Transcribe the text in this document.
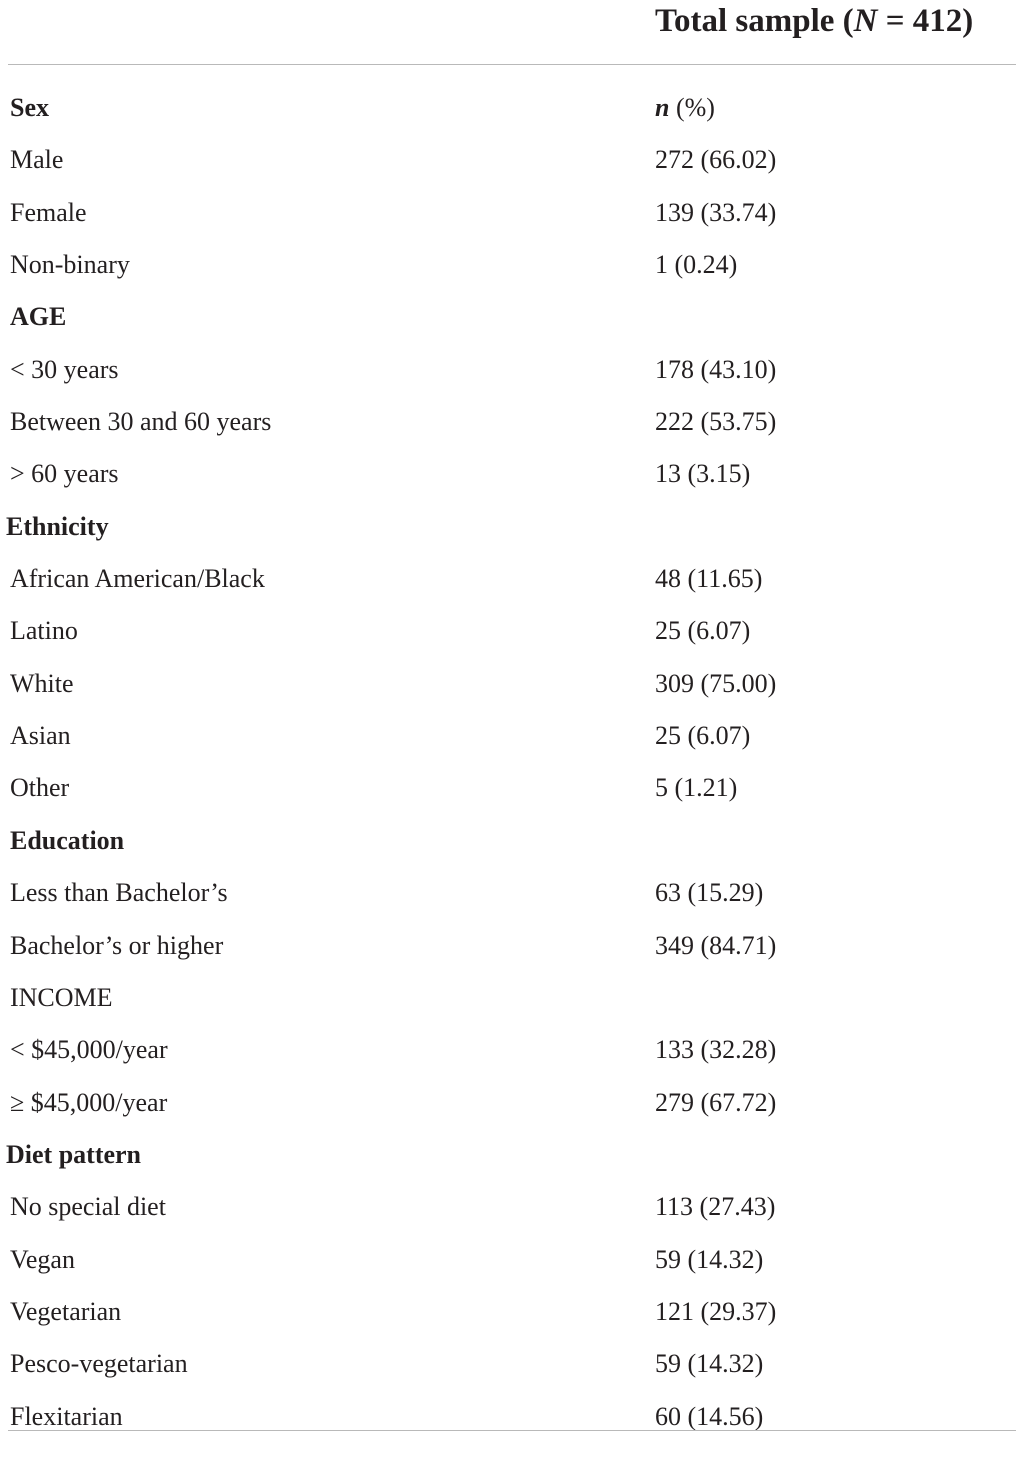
Total sample (N = 412)
Sex	n (%)
Male	272 (66.02)
Female	139 (33.74)
Non-binary	1 (0.24)
AGE
< 30 years	178 (43.10)
Between 30 and 60 years	222 (53.75)
> 60 years	13 (3.15)
Ethnicity
African American/Black	48 (11.65)
Latino	25 (6.07)
White	309 (75.00)
Asian	25 (6.07)
Other	5 (1.21)
Education
Less than Bachelor’s	63 (15.29)
Bachelor’s or higher	349 (84.71)
INCOME
< $45,000/year	133 (32.28)
≥ $45,000/year	279 (67.72)
Diet pattern
No special diet	113 (27.43)
Vegan	59 (14.32)
Vegetarian	121 (29.37)
Pesco-vegetarian	59 (14.32)
Flexitarian	60 (14.56)
